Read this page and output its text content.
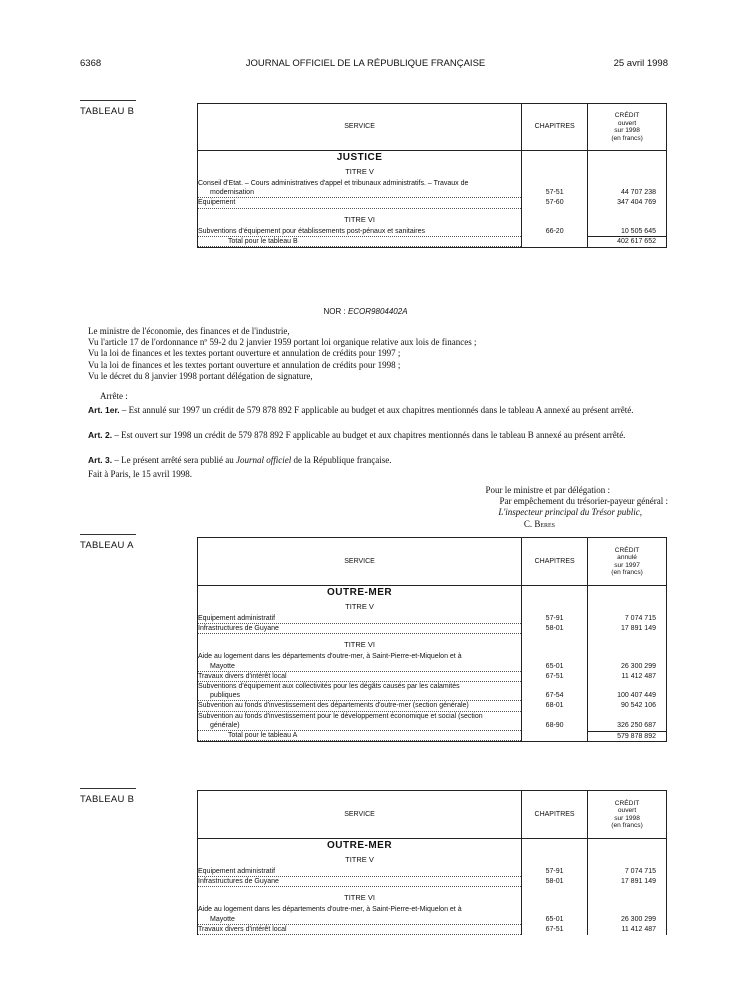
6368	JOURNAL OFFICIEL DE LA RÉPUBLIQUE FRANÇAISE	25 avril 1998
TABLEAU B
SERVICE	CHAPITRES	CRÉDIT
ouvert
sur 1998
(en francs)

JUSTICE		
TITRE V		

Conseil d'Etat. – Cours administratives d'appel et tribunaux administratifs. – Travaux de
modernisation	57-51	44 707 238

Equipement	57-60	347 404 769
TITRE VI		

Subventions d'équipement pour établissements post-pénaux et sanitaires	66-20	10 505 645

Total pour le tableau B		402 617 652
NOR : ECOR9804402A

Le ministre de l'économie, des finances et de l'industrie,

Vu l'article 17 de l'ordonnance nº 59-2 du 2 janvier 1959 portant loi organique relative aux lois de finances ;

Vu la loi de finances et les textes portant ouverture et annulation de crédits pour 1997 ;

Vu la loi de finances et les textes portant ouverture et annulation de crédits pour 1998 ;

Vu le décret du 8 janvier 1998 portant délégation de signature,

Arrête :

Art. 1er. – Est annulé sur 1997 un crédit de 579 878 892 F applicable au budget et aux chapitres mentionnés dans le tableau A annexé au présent arrêté.

Art. 2. – Est ouvert sur 1998 un crédit de 579 878 892 F applicable au budget et aux chapitres mentionnés dans le tableau B annexé au présent arrêté.

Art. 3. – Le présent arrêté sera publié au Journal officiel de la République française.

Fait à Paris, le 15 avril 1998.
Pour le ministre et par délégation :
Par empêchement du trésorier-payeur général :
L'inspecteur principal du Trésor public,
C. Beres
TABLEAU A
SERVICE	CHAPITRES	CRÉDIT
annulé
sur 1997
(en francs)

OUTRE-MER		
TITRE V		

Equipement administratif	57-91	7 074 715

Infrastructures de Guyane	58-01	17 891 149
TITRE VI		

Aide au logement dans les départements d'outre-mer, à Saint-Pierre-et-Miquelon et à
Mayotte	65-01	26 300 299

Travaux divers d'intérêt local	67-51	11 412 487

Subventions d'équipement aux collectivités pour les dégâts causés par les calamités
publiques	67-54	100 407 449

Subvention au fonds d'investissement des départements d'outre-mer (section générale)	68-01	90 542 106

Subvention au fonds d'investissement pour le développement économique et social (section
générale)	68-90	326 250 687

Total pour le tableau A		579 878 892
TABLEAU B
SERVICE	CHAPITRES	CRÉDIT
ouvert
sur 1998
(en francs)

OUTRE-MER		
TITRE V		

Equipement administratif	57-91	7 074 715

Infrastructures de Guyane	58-01	17 891 149
TITRE VI		

Aide au logement dans les départements d'outre-mer, à Saint-Pierre-et-Miquelon et à
Mayotte	65-01	26 300 299

Travaux divers d'intérêt local	67-51	11 412 487
